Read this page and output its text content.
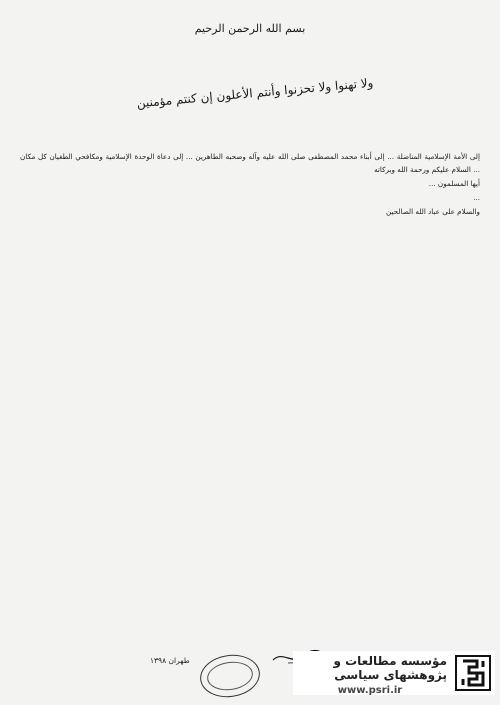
بسم الله الرحمن الرحيم
ولا تهنوا ولا تحزنوا وأنتم الأعلون إن كنتم مؤمنين

إلى الأمة الإسلامية المناضلة ... إلى أبناء محمد المصطفى صلى الله عليه وآله وصحبه الطاهرين ... إلى دعاة الوحدة الإسلامية ومكافحي الطغيان كل مكان ... السلام عليكم ورحمة الله وبركاته

أيها المسلمون ...

...

والسلام على عباد الله الصالحين

طهران ١٣٩٨	مؤسسه مطالعات و پژوهشهای سیاسی
www.psri.ir
